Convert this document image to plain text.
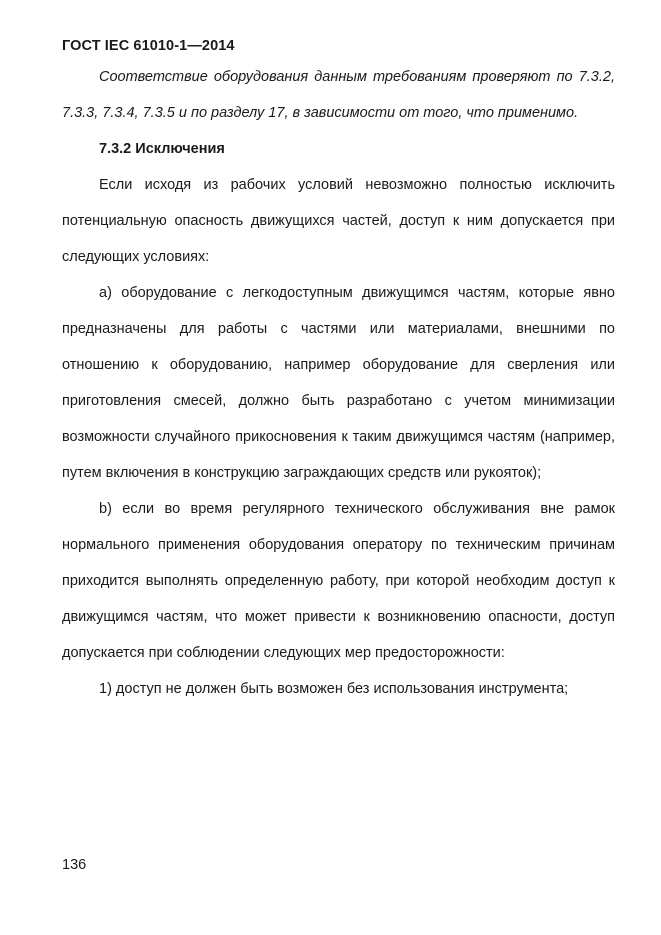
ГОСТ IEC 61010-1—2014

Соответствие оборудования данным требованиям проверяют по 7.3.2, 7.3.3, 7.3.4, 7.3.5 и по разделу 17, в зависимости от того, что применимо.

7.3.2 Исключения

Если исходя из рабочих условий невозможно полностью исключить потенциальную опасность движущихся частей, доступ к ним допускается при следующих условиях:

а) оборудование с легкодоступным движущимся частям, которые явно предназначены для работы с частями или материалами, внешними по отношению к оборудованию, например оборудование для сверления или приготовления смесей, должно быть разработано с учетом минимизации возможности случайного прикосновения к таким движущимся частям (например, путем включения в конструкцию заграждающих средств или рукояток);

b) если во время регулярного технического обслуживания вне рамок нормального применения оборудования оператору по техническим причинам приходится выполнять определенную работу, при которой необходим доступ к движущимся частям, что может привести к возникновению опасности, доступ допускается при соблюдении следующих мер предосторожности:

1) доступ не должен быть возможен без использования инструмента;

136
